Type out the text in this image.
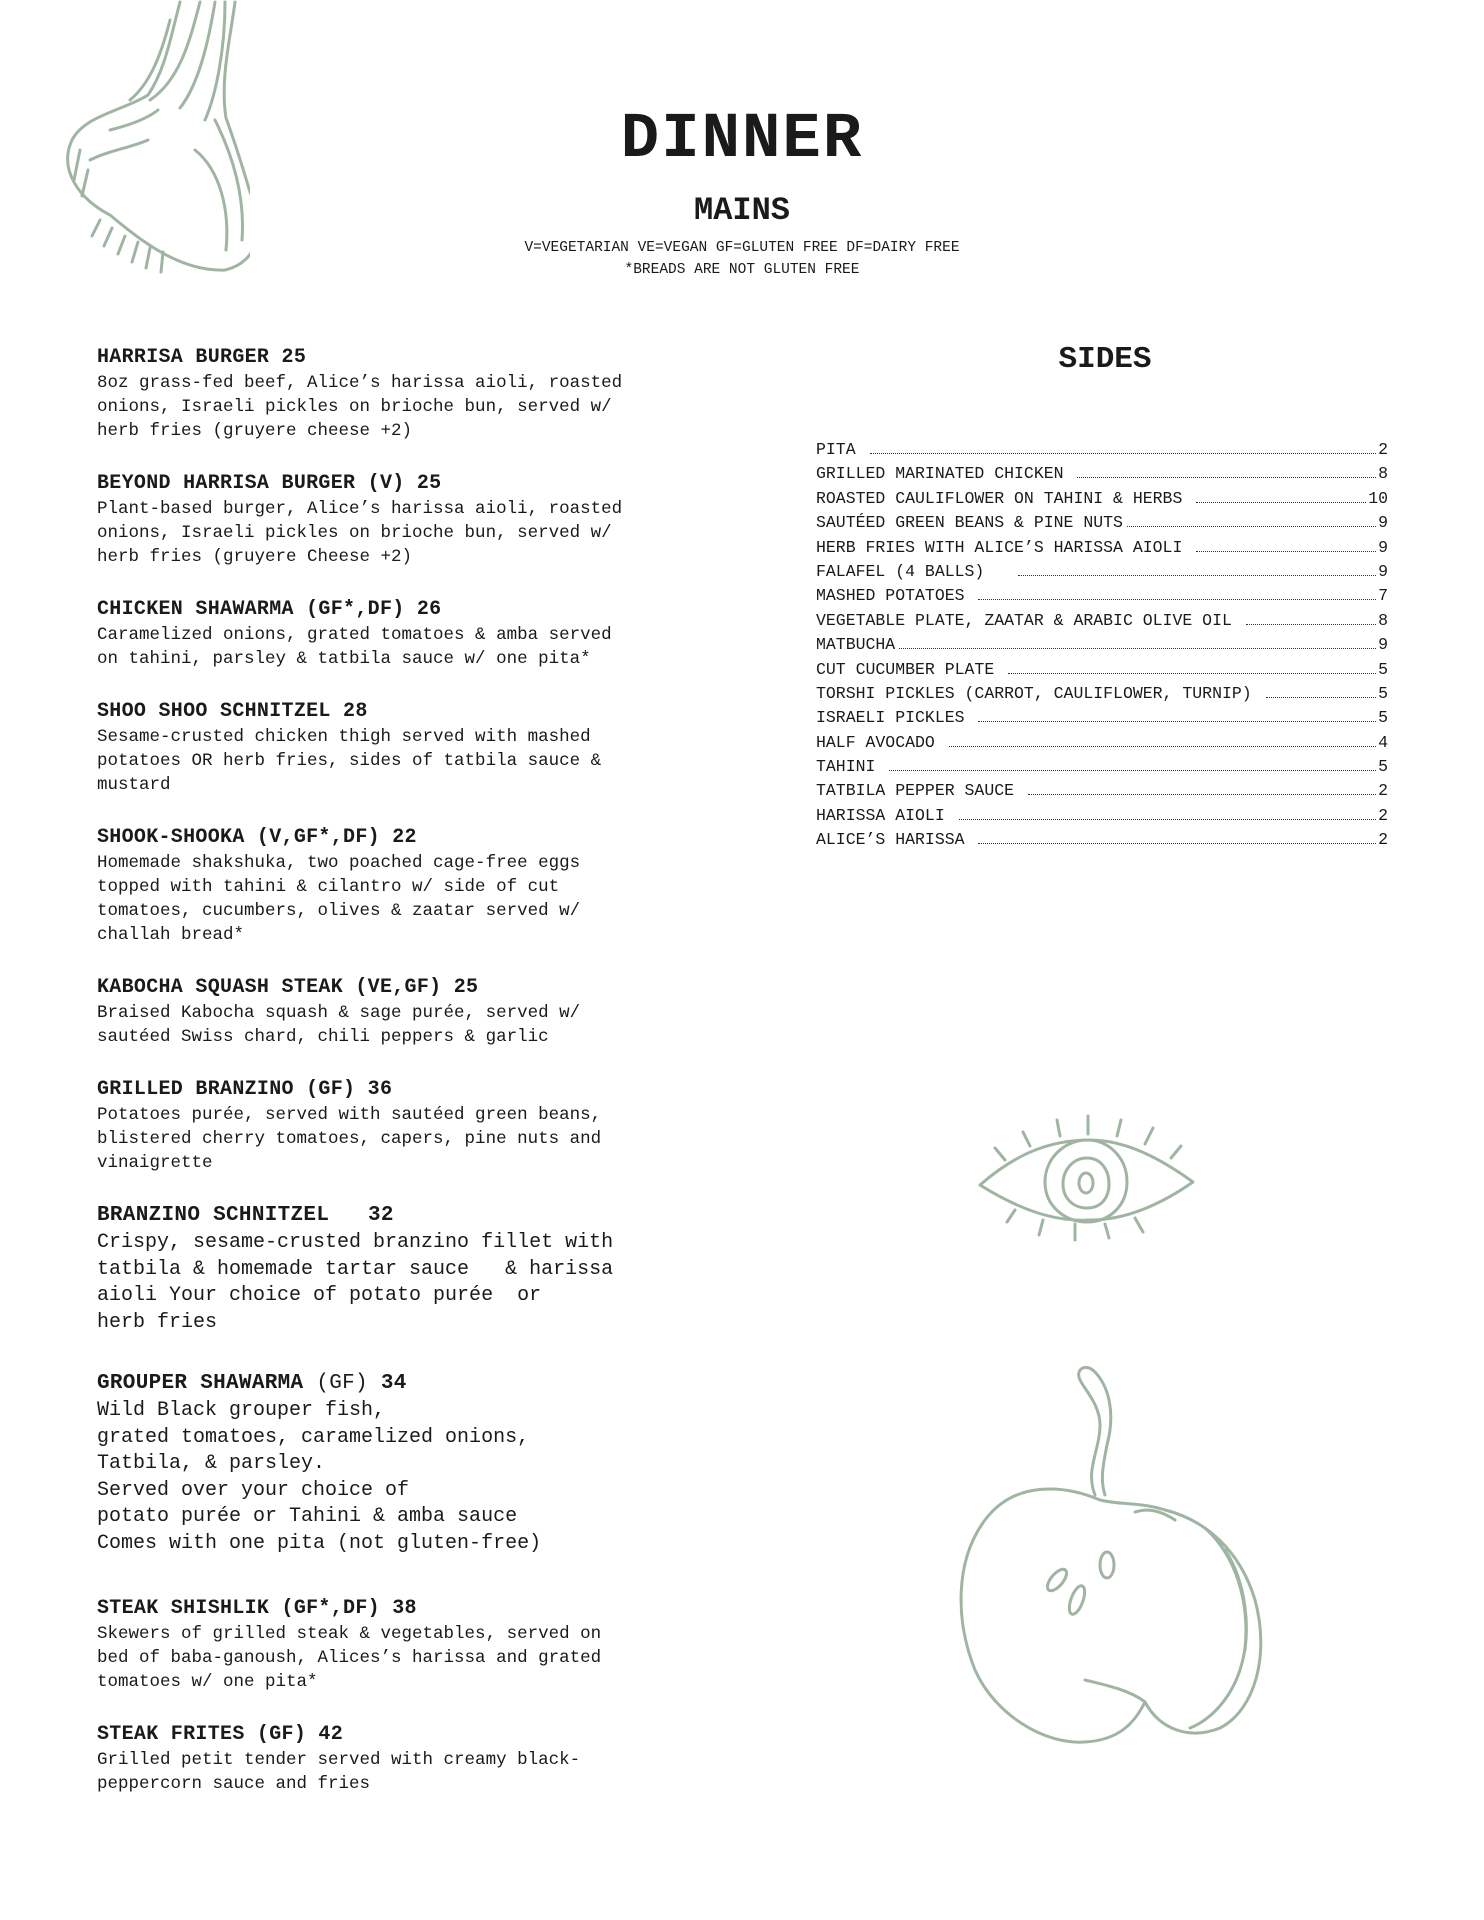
DINNER
MAINS
V=VEGETARIAN VE=VEGAN GF=GLUTEN FREE DF=DAIRY FREE
*BREADS ARE NOT GLUTEN FREE
HARRISA BURGER 25
8oz grass-fed beef, Alice’s harissa aioli, roasted
onions, Israeli pickles on brioche bun, served w/
herb fries (gruyere cheese +2)
BEYOND HARRISA BURGER (V) 25
Plant-based burger, Alice’s harissa aioli, roasted
onions, Israeli pickles on brioche bun, served w/
herb fries (gruyere Cheese +2)
CHICKEN SHAWARMA (GF*,DF) 26
Caramelized onions, grated tomatoes & amba served
on tahini, parsley & tatbila sauce w/ one pita*
SHOO SHOO SCHNITZEL 28
Sesame-crusted chicken thigh served with mashed
potatoes OR herb fries, sides of tatbila sauce &
mustard
SHOOK-SHOOKA (V,GF*,DF) 22
Homemade shakshuka, two poached cage-free eggs
topped with tahini & cilantro w/ side of cut
tomatoes, cucumbers, olives & zaatar served w/
challah bread*
KABOCHA SQUASH STEAK (VE,GF) 25
Braised Kabocha squash & sage purée, served w/
sautéed Swiss chard, chili peppers & garlic
GRILLED BRANZINO (GF) 36
Potatoes purée, served with sautéed green beans,
blistered cherry tomatoes, capers, pine nuts and
vinaigrette
BRANZINO SCHNITZEL   32
Crispy, sesame-crusted branzino fillet with
tatbila & homemade tartar sauce   & harissa
aioli Your choice of potato purée  or
herb fries
GROUPER SHAWARMA (GF) 34
Wild Black grouper fish,
grated tomatoes, caramelized onions,
Tatbila, & parsley.
Served over your choice of
potato purée or Tahini & amba sauce
Comes with one pita (not gluten-free)
STEAK SHISHLIK (GF*,DF) 38
Skewers of grilled steak & vegetables, served on
bed of baba-ganoush, Alices’s harissa and grated
tomatoes w/ one pita*
STEAK FRITES (GF) 42
Grilled petit tender served with creamy black-
peppercorn sauce and fries
SIDES
PITA	2
GRILLED MARINATED CHICKEN	8
ROASTED CAULIFLOWER ON TAHINI & HERBS	10
SAUTÉED GREEN BEANS & PINE NUTS	9
HERB FRIES WITH ALICE’S HARISSA AIOLI	9
FALAFEL (4 BALLS)	9
MASHED POTATOES	7
VEGETABLE PLATE, ZAATAR & ARABIC OLIVE OIL	8
MATBUCHA	9
CUT CUCUMBER PLATE	5
TORSHI PICKLES (CARROT, CAULIFLOWER, TURNIP)	5
ISRAELI PICKLES	5
HALF AVOCADO	4
TAHINI	5
TATBILA PEPPER SAUCE	2
HARISSA AIOLI	2
ALICE’S HARISSA	2
